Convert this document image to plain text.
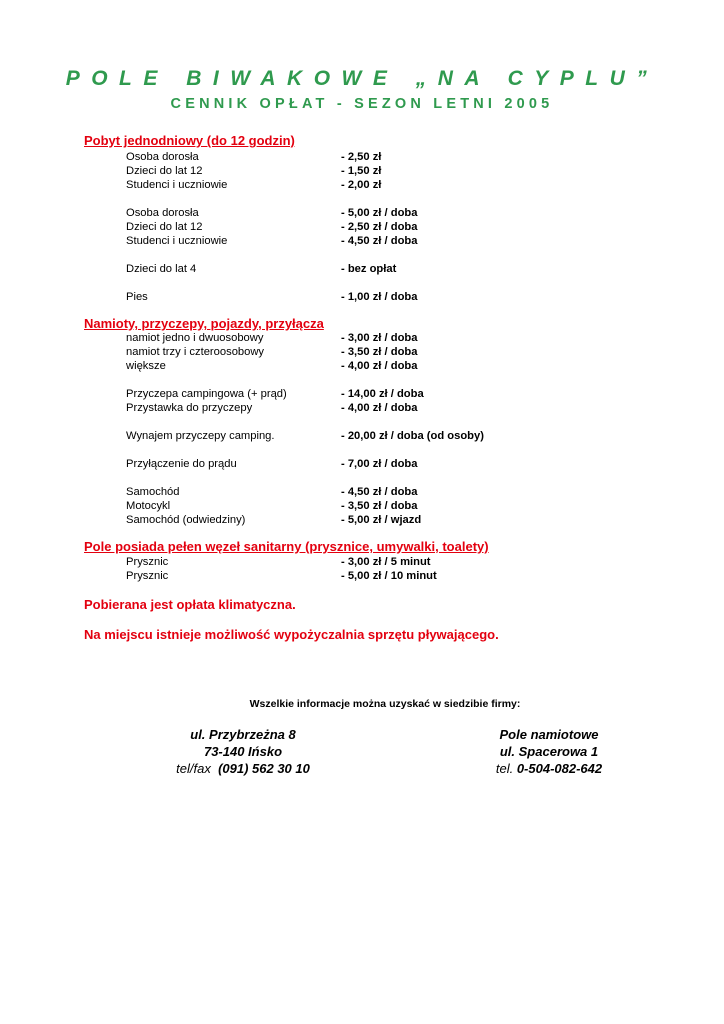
POLE BIWAKOWE „NA CYPLU”
CENNIK OPŁAT - SEZON LETNI 2005
Pobyt jednodniowy (do 12 godzin)
Osoba dorosła	- 2,50 zł
Dzieci do lat 12	- 1,50 zł
Studenci i uczniowie	- 2,00 zł
Osoba dorosła	- 5,00 zł / doba
Dzieci do lat 12	- 2,50 zł / doba
Studenci i uczniowie	- 4,50 zł / doba
Dzieci do lat 4	- bez opłat
Pies	- 1,00 zł / doba
Namioty, przyczepy, pojazdy, przyłącza
namiot jedno i dwuosobowy	- 3,00 zł / doba
namiot trzy i czteroosobowy	- 3,50 zł / doba
większe	- 4,00 zł / doba
Przyczepa campingowa (+ prąd)	- 14,00 zł / doba
Przystawka do przyczepy	- 4,00 zł / doba
Wynajem przyczepy camping.	- 20,00 zł / doba (od osoby)
Przyłączenie do prądu	- 7,00 zł / doba
Samochód	- 4,50 zł / doba
Motocykl	- 3,50 zł / doba
Samochód (odwiedziny)	- 5,00 zł / wjazd
Pole posiada pełen węzeł sanitarny (prysznice, umywalki, toalety)
Prysznic	- 3,00 zł / 5 minut
Prysznic	- 5,00 zł / 10 minut
Pobierana jest opłata klimatyczna.
Na miejscu istnieje możliwość wypożyczalnia sprzętu pływającego.
Wszelkie informacje można uzyskać w siedzibie firmy:
ul. Przybrzeżna 8
73-140 Ińsko
tel/fax (091) 562 30 10
Pole namiotowe
ul. Spacerowa 1
tel. 0-504-082-642
